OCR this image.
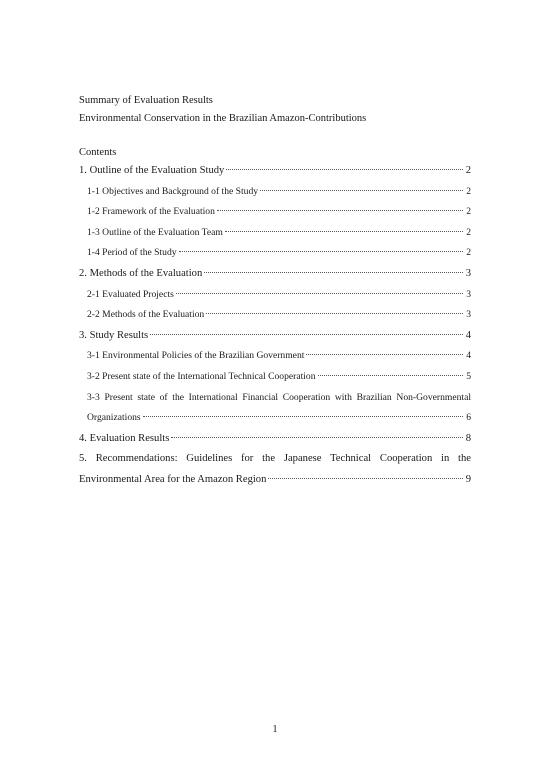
Summary of Evaluation Results
Environmental Conservation in the Brazilian Amazon-Contributions
Contents
1. Outline of the Evaluation Study	2
1-1 Objectives and Background of the Study	2
1-2 Framework of the Evaluation	2
1-3 Outline of the Evaluation Team	2
1-4 Period of the Study	2
2. Methods of the Evaluation	3
2-1 Evaluated Projects	3
2-2 Methods of the Evaluation	3
3. Study Results	4
3-1 Environmental Policies of the Brazilian Government	4
3-2 Present state of the International Technical Cooperation	5
3-3 Present state of the International Financial Cooperation with Brazilian Non-Governmental
Organizations	6
4. Evaluation Results	8
5. Recommendations: Guidelines for the Japanese Technical Cooperation in the
Environmental Area for the Amazon Region	9
1
